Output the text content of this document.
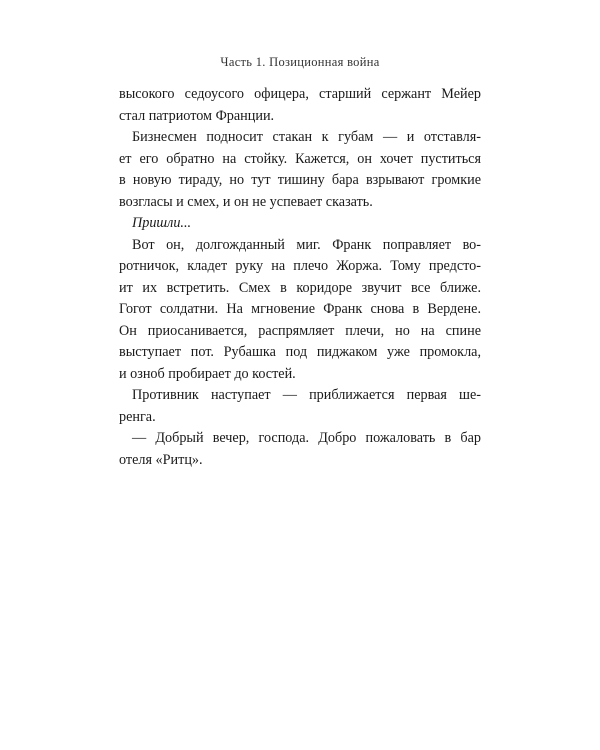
Часть 1. Позиционная война
высокого седоусого офицера, старший сержант Мейер
стал патриотом Франции.
Бизнесмен подносит стакан к губам — и отставля-
ет его обратно на стойку. Кажется, он хочет пуститься
в новую тираду, но тут тишину бара взрывают громкие
возгласы и смех, и он не успевает сказать.
Пришли...
Вот он, долгожданный миг. Франк поправляет во-
ротничок, кладет руку на плечо Жоржа. Тому предсто-
ит их встретить. Смех в коридоре звучит все ближе.
Гогот солдатни. На мгновение Франк снова в Вердене.
Он приосанивается, распрямляет плечи, но на спине
выступает пот. Рубашка под пиджаком уже промокла,
и озноб пробирает до костей.
Противник наступает — приближается первая ше-
ренга.
— Добрый вечер, господа. Добро пожаловать в бар
отеля «Ритц».
